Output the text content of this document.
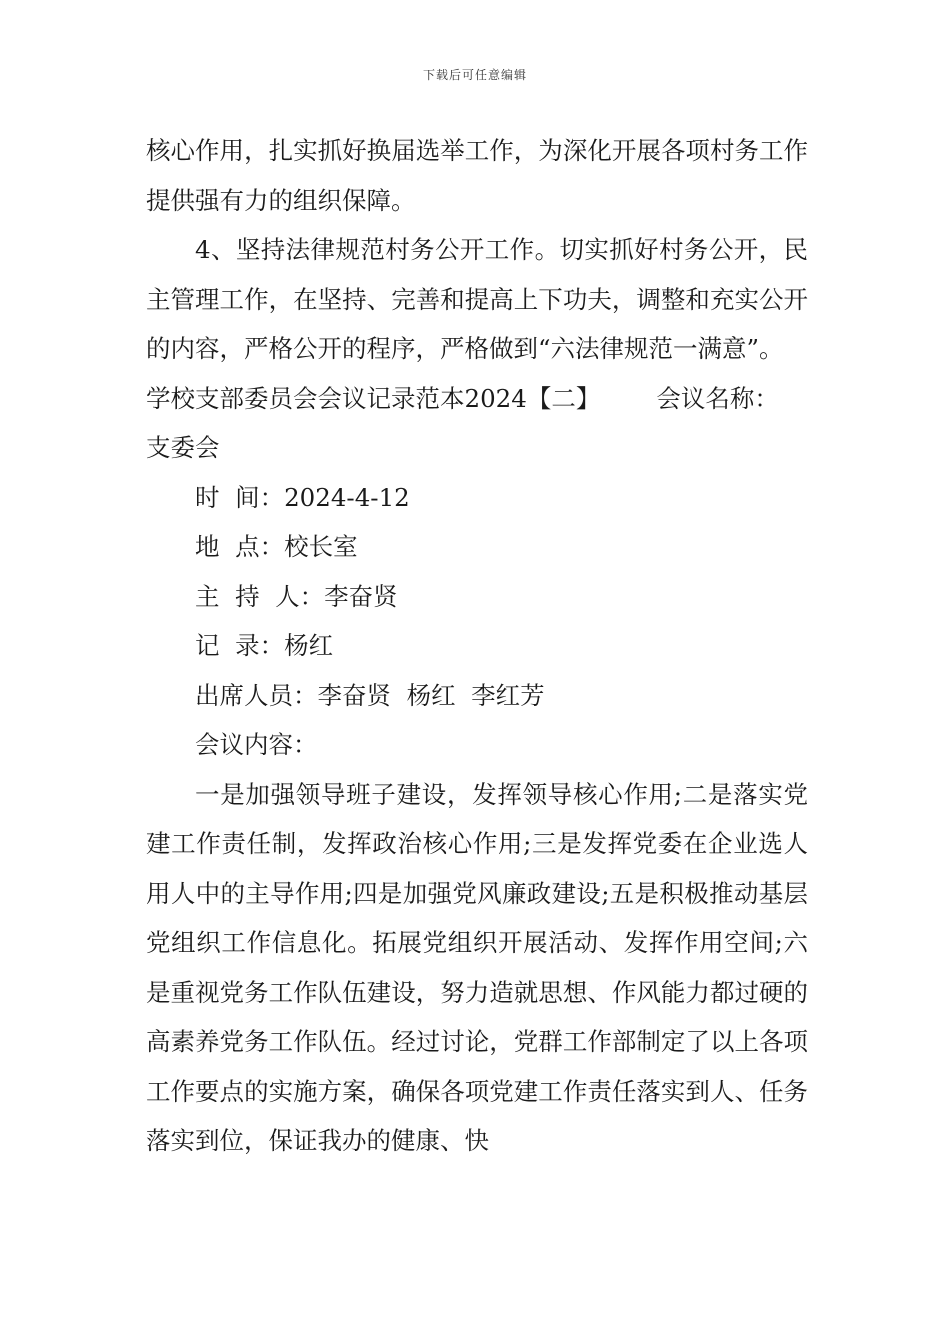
下载后可任意编辑

核心作用，扎实抓好换届选举工作，为深化开展各项村务工作提供强有力的组织保障。

4、坚持法律规范村务公开工作。切实抓好村务公开，民主管理工作，在坚持、完善和提高上下功夫，调整和充实公开的内容，严格公开的程序，严格做到“六法律规范一满意”。

学校支部委员会会议记录范本2024【二】 会议名称：

支委会

时  间：2024-4-12

地  点：校长室

主  持  人：李奋贤

记  录：杨红

出席人员：李奋贤  杨红  李红芳

会议内容：

一是加强领导班子建设，发挥领导核心作用;二是落实党建工作责任制，发挥政治核心作用;三是发挥党委在企业选人用人中的主导作用;四是加强党风廉政建设;五是积极推动基层党组织工作信息化。拓展党组织开展活动、发挥作用空间;六是重视党务工作队伍建设，努力造就思想、作风能力都过硬的高素养党务工作队伍。经过讨论，党群工作部制定了以上各项工作要点的实施方案，确保各项党建工作责任落实到人、任务落实到位，保证我办的健康、快
